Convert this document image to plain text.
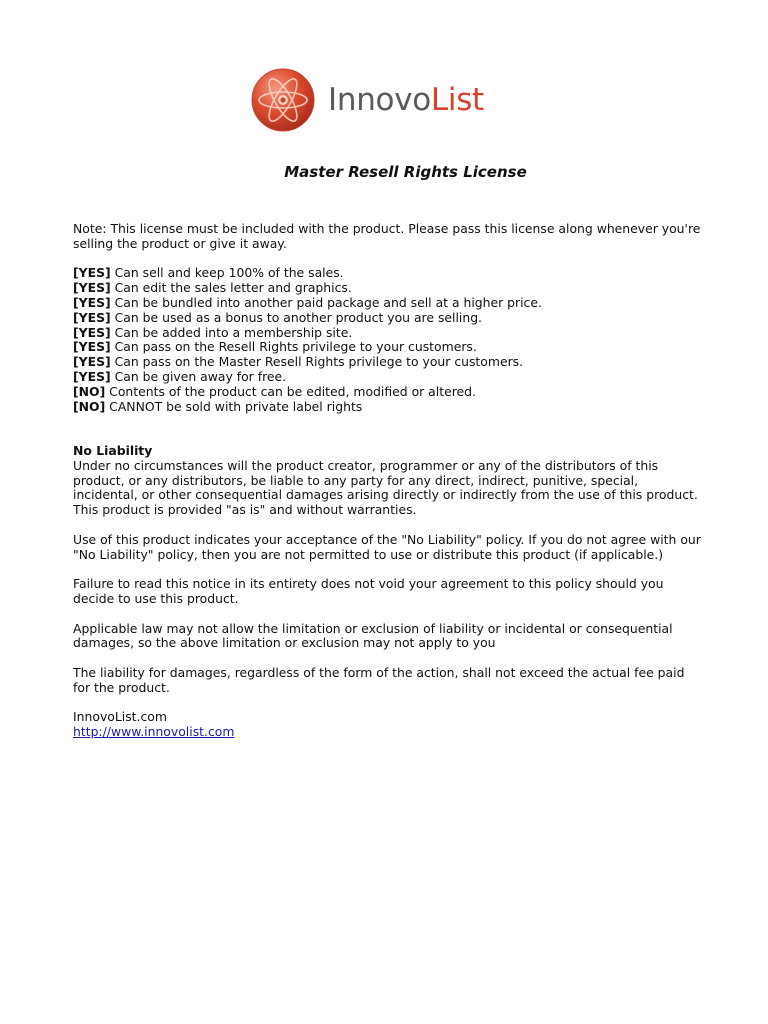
InnovoList
Master Resell Rights License

Note: This license must be included with the product. Please pass this license along whenever you're selling the product or give it away.

[YES] Can sell and keep 100% of the sales.

[YES] Can edit the sales letter and graphics.

[YES] Can be bundled into another paid package and sell at a higher price.

[YES] Can be used as a bonus to another product you are selling.

[YES] Can be added into a membership site.

[YES] Can pass on the Resell Rights privilege to your customers.

[YES] Can pass on the Master Resell Rights privilege to your customers.

[YES] Can be given away for free.

[NO] Contents of the product can be edited, modified or altered.

[NO] CANNOT be sold with private label rights

No Liability

Under no circumstances will the product creator, programmer or any of the distributors of this product, or any distributors, be liable to any party for any direct, indirect, punitive, special, incidental, or other consequential damages arising directly or indirectly from the use of this product. This product is provided "as is" and without warranties.

Use of this product indicates your acceptance of the "No Liability" policy. If you do not agree with our "No Liability" policy, then you are not permitted to use or distribute this product (if applicable.)

Failure to read this notice in its entirety does not void your agreement to this policy should you decide to use this product.

Applicable law may not allow the limitation or exclusion of liability or incidental or consequential damages, so the above limitation or exclusion may not apply to you

The liability for damages, regardless of the form of the action, shall not exceed the actual fee paid for the product.

InnovoList.com

http://www.innovolist.com
